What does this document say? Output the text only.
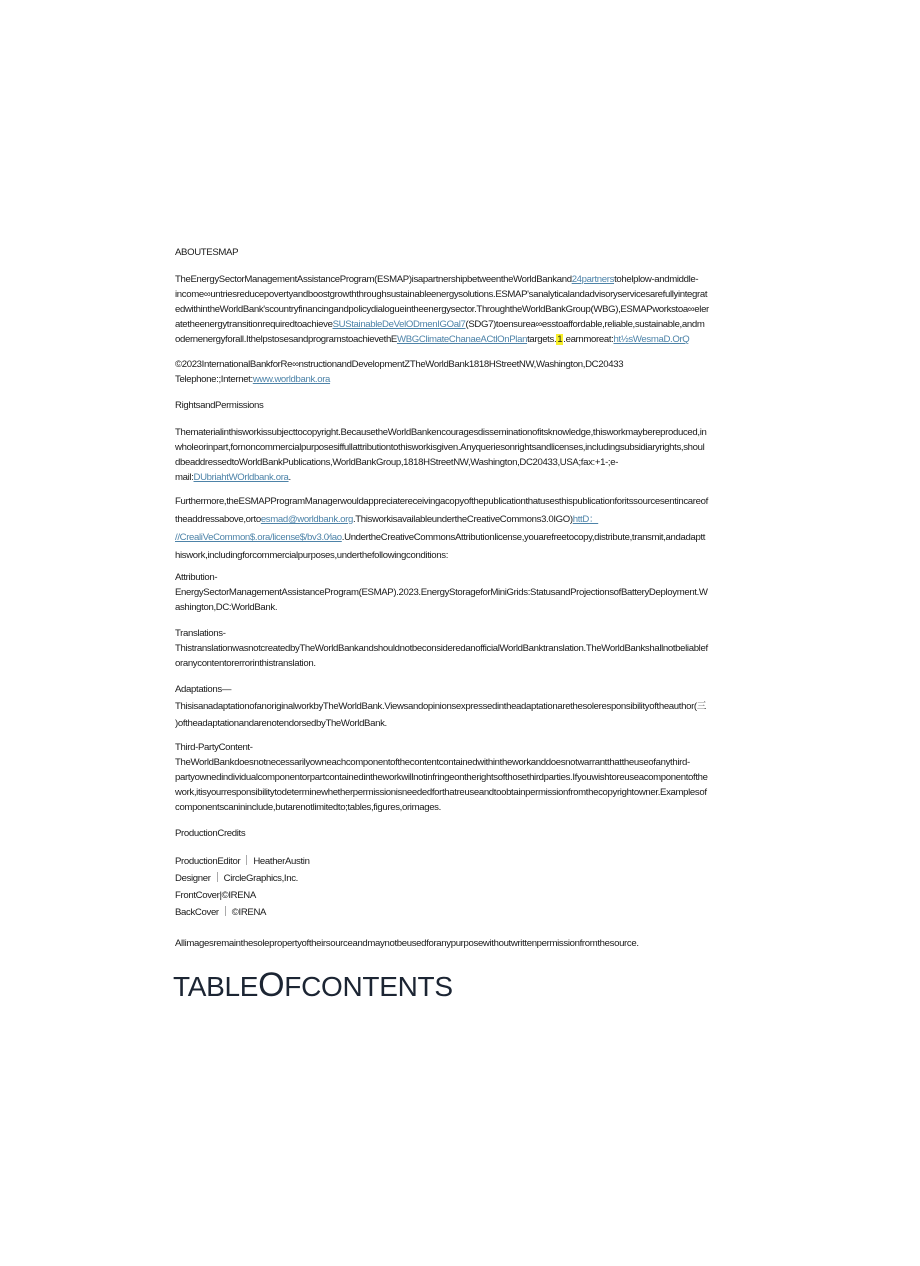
ABOUTESMAP
TheEnergySectorManagementAssistanceProgram(ESMAP)isapartnershipbetweentheWorldBankand24partnerstohelplow-andmiddle-
income∞untriesreducepovertyandboostgrowththroughsustainableenergysolutions.ESMAP'sanalyticalandadvisoryservicesarefullyintegrat
edwithintheWorldBank'scountryfinancingandpolicydialogueintheenergysector.ThroughtheWorldBankGroup(WBG),ESMAPworkstoa∞eler
atetheenergytransitionrequiredtoachieveSUStainableDeVelODmenIGOal7(SDG7)toensurea∞esstoaffordable,reliable,sustainable,andm
odernenergyforall.IthelpstosesandprogramstoachievethEWBGClimateChanaeACtlOnPlantargets.1.earnmoreat:ht½sWesmaD.OrQ
©2023InternationalBankforRe∞nstructionandDevelopmentZTheWorldBank1818HStreetNW,Washington,DC20433
Telephone:;Internet:www.worldbank.ora
RightsandPermissions
Thematerialinthisworkissubjecttocopyright.BecausetheWorldBankencouragesdisseminationofitsknowledge,thisworkmaybereproduced,in
wholeorinpart,fornoncommercialpurposesiffullattributiontothisworkisgiven.Anyqueriesonrightsandlicenses,includingsubsidiaryrights,shoul
dbeaddressedtoWorldBankPublications,WorldBankGroup,1818HStreetNW,Washington,DC20433,USA;fax:+1-;e-
mail:DUbriahtWOrldbank.ora.
Furthermore,theESMAPProgramManagerwouldappreciatereceivingacopyofthepublicationthatusesthispublicationforitssourcesentincareof
theaddressabove,ortoesmad@worldbank.org.ThisworkisavailableundertheCreativeCommons3.0IGO)httD：
//CrealiVeCommon$.ora/license$/bv3.0∕iao.UndertheCreativeCommonsAttributionlicense,youarefreetocopy,distribute,transmit,andadaptt
hiswork,includingforcommercialpurposes,underthefollowingconditions:
Attribution-
EnergySectorManagementAssistanceProgram(ESMAP).2023.EnergyStorageforMiniGrids:StatusandProjectionsofBatteryDeployment.W
ashington,DC:WorldBank.
Translations-
ThistranslationwasnotcreatedbyTheWorldBankandshouldnotbeconsideredanofficialWorldBanktranslation.TheWorldBankshallnotbeliablef
oranycontentorerrorinthistranslation.
Adaptations—
ThisisanadaptationofanoriginalworkbyTheWorldBank.Viewsandopinionsexpressedintheadaptationarethesoleresponsibilityoftheauthor(三
)oftheadaptationandarenotendorsedbyTheWorldBank.
Third-PartyContent-
TheWorldBankdoesnotnecessarilyowneachcomponentofthecontentcontainedwithintheworkanddoesnotwarrantthattheuseofanythird-
party​ownedindividualcomponentorpartcontainedintheworkwillnotinfringeontherightsofthosethirdparties.Ifyouwishtoreuseacomponentofthe
work,itisyourresponsibilitytodeterminewhetherpermissionisneededforthatreuseandtoobtainpermissionfromthecopyrightowner.Examplesof
componentscanininclude,butarenotlimitedto;tables,figures,orimages.
ProductionCredits
ProductionEditor HeatherAustin
Designer CircleGraphics,Inc.
FrontCover|©IRENA
BackCover ©IRENA
Allimagesremainthesolepropertyoftheirsourceandmaynotbeusedforanypurposewithoutwrittenpermissionfromthesource.
TABLEOFCONTENTS
